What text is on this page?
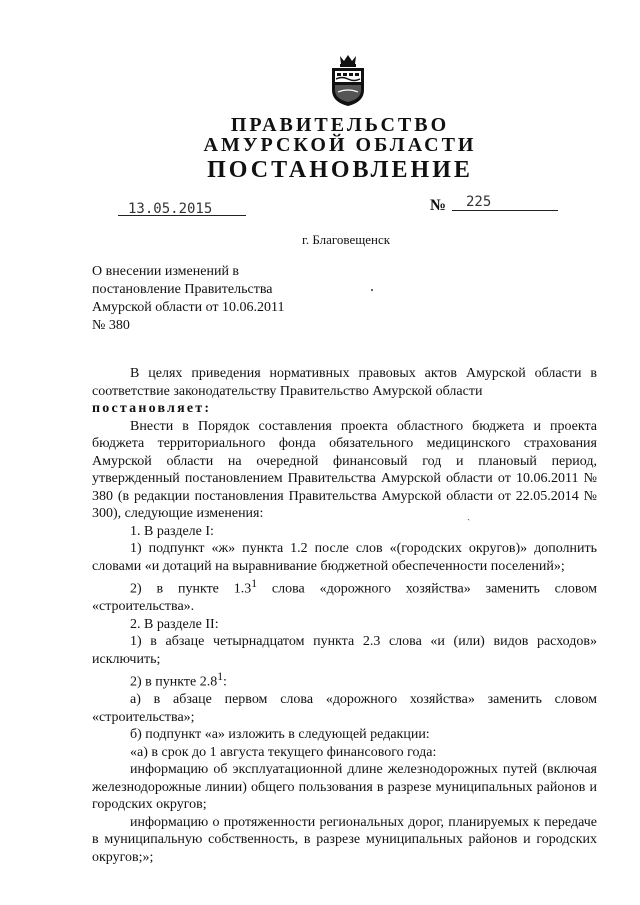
ПРАВИТЕЛЬСТВО
АМУРСКОЙ ОБЛАСТИ
ПОСТАНОВЛЕНИЕ
13.05.2015	№ 225
г. Благовещенск
О внесении изменений в
постановление Правительства
Амурской области от 10.06.2011
№ 380

В целях приведения нормативных правовых актов Амурской области в соответствие законодательству Правительство Амурской области

постановляет:

Внести в Порядок составления проекта областного бюджета и проекта бюджета территориального фонда обязательного медицинского страхования Амурской области на очередной финансовый год и плановый период, утвержденный постановлением Правительства Амурской области от 10.06.2011 № 380 (в редакции постановления Правительства Амурской области от 22.05.2014 № 300), следующие изменения:

1. В разделе I:

1) подпункт «ж» пункта 1.2 после слов «(городских округов)» дополнить словами «и дотаций на выравнивание бюджетной обеспеченности поселений»;

2) в пункте $1.3^1$ слова «дорожного хозяйства» заменить словом «строительства».

2. В разделе II:

1) в абзаце четырнадцатом пункта 2.3 слова «и (или) видов расходов» исключить;

2) в пункте $2.8^1$:

а) в абзаце первом слова «дорожного хозяйства» заменить словом «строительства»;

б) подпункт «а» изложить в следующей редакции:

«а) в срок до 1 августа текущего финансового года:

информацию об эксплуатационной длине железнодорожных путей (включая железнодорожные линии) общего пользования в разрезе муниципальных районов и городских округов;

информацию о протяженности региональных дорог, планируемых к передаче в муниципальную собственность, в разрезе муниципальных районов и городских округов;»;

ˎ
